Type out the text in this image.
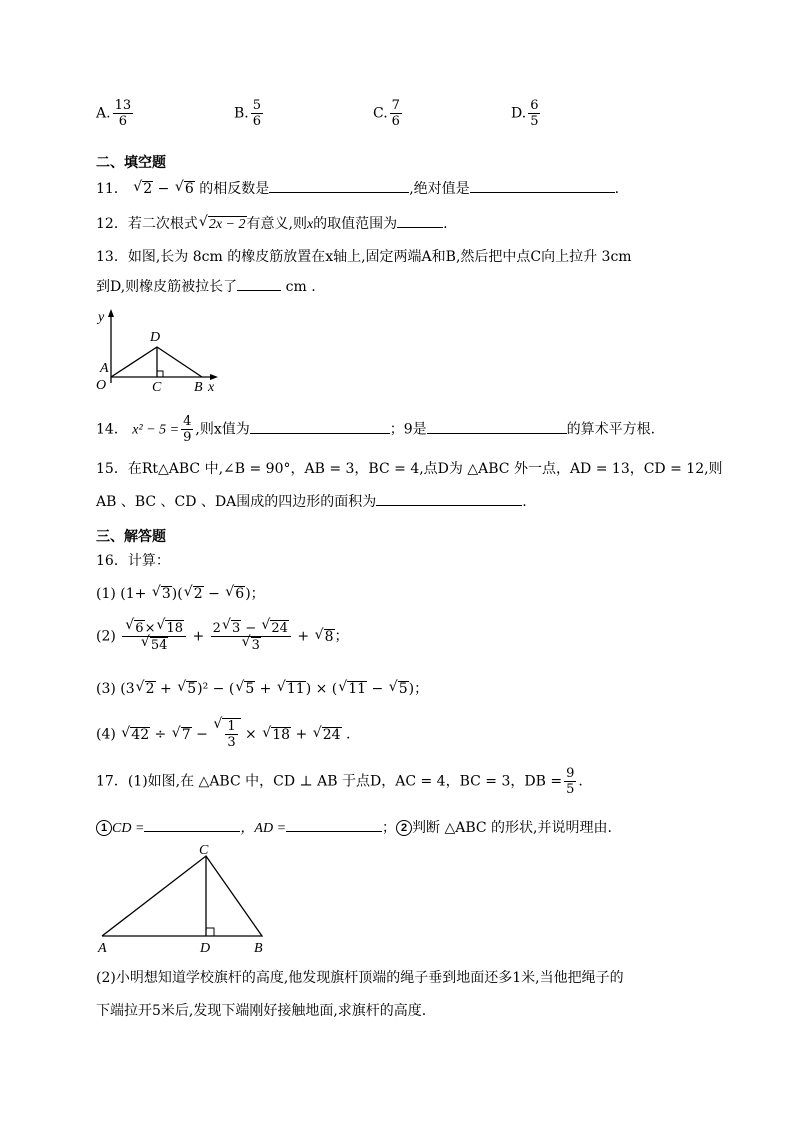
A. $\frac{13}{6}$	B. $\frac{5}{6}$	C. $\frac{7}{6}$	D. $\frac{6}{5}$
二、填空题
11． √ 2 − √ 6 的相反数是	,绝对值是	.
12．若二次根式 √ 2x − 2有意义,则x的取值范围为	.
13．如图,长为 8cm 的橡皮筋放置在x轴上,固定两端A和B,然后把中点C向上拉升 3cm
到D,则橡皮筋被拉长了	cm .
y
A
O
D
C B x
14． $x^2 - 5 = \frac{4}{9}$ ,则x值为	；9是	的算术平方根.
15．在Rt△ABC 中,∠B = 90°，AB = 3，BC = 4,点D为 △ABC 外一点，AD = 13，CD = 12,则
AB 、BC 、CD 、DA围成的四边形的面积为	.
三、解答题
16．计算：
(1) (1+ √ 3)( √ 2 − √ 6)；
(2) √ 6× √ 18
√ 54 + 2 √ 3 − √ 24
√ 3 + √ 8；
(3) (3 √ 2 + √ 5)² − ( √ 5 + √ 11) × ( √ 11 − √ 5)；
(4) √ 42 ÷ √ 7 − √ $\frac{1}{3}$ × √ 18 + √ 24 .
17．(1)如图,在 △ABC 中，CD ⊥ AB 于点D，AC = 4，BC = 3，DB = $\frac{9}{5}$ .
1 CD =	，AD =	； 2 判断 △ABC 的形状,并说明理由.
C
A	D	B
(2)小明想知道学校旗杆的高度,他发现旗杆顶端的绳子垂到地面还多1米,当他把绳子的
下端拉开5米后,发现下端刚好接触地面,求旗杆的高度.
